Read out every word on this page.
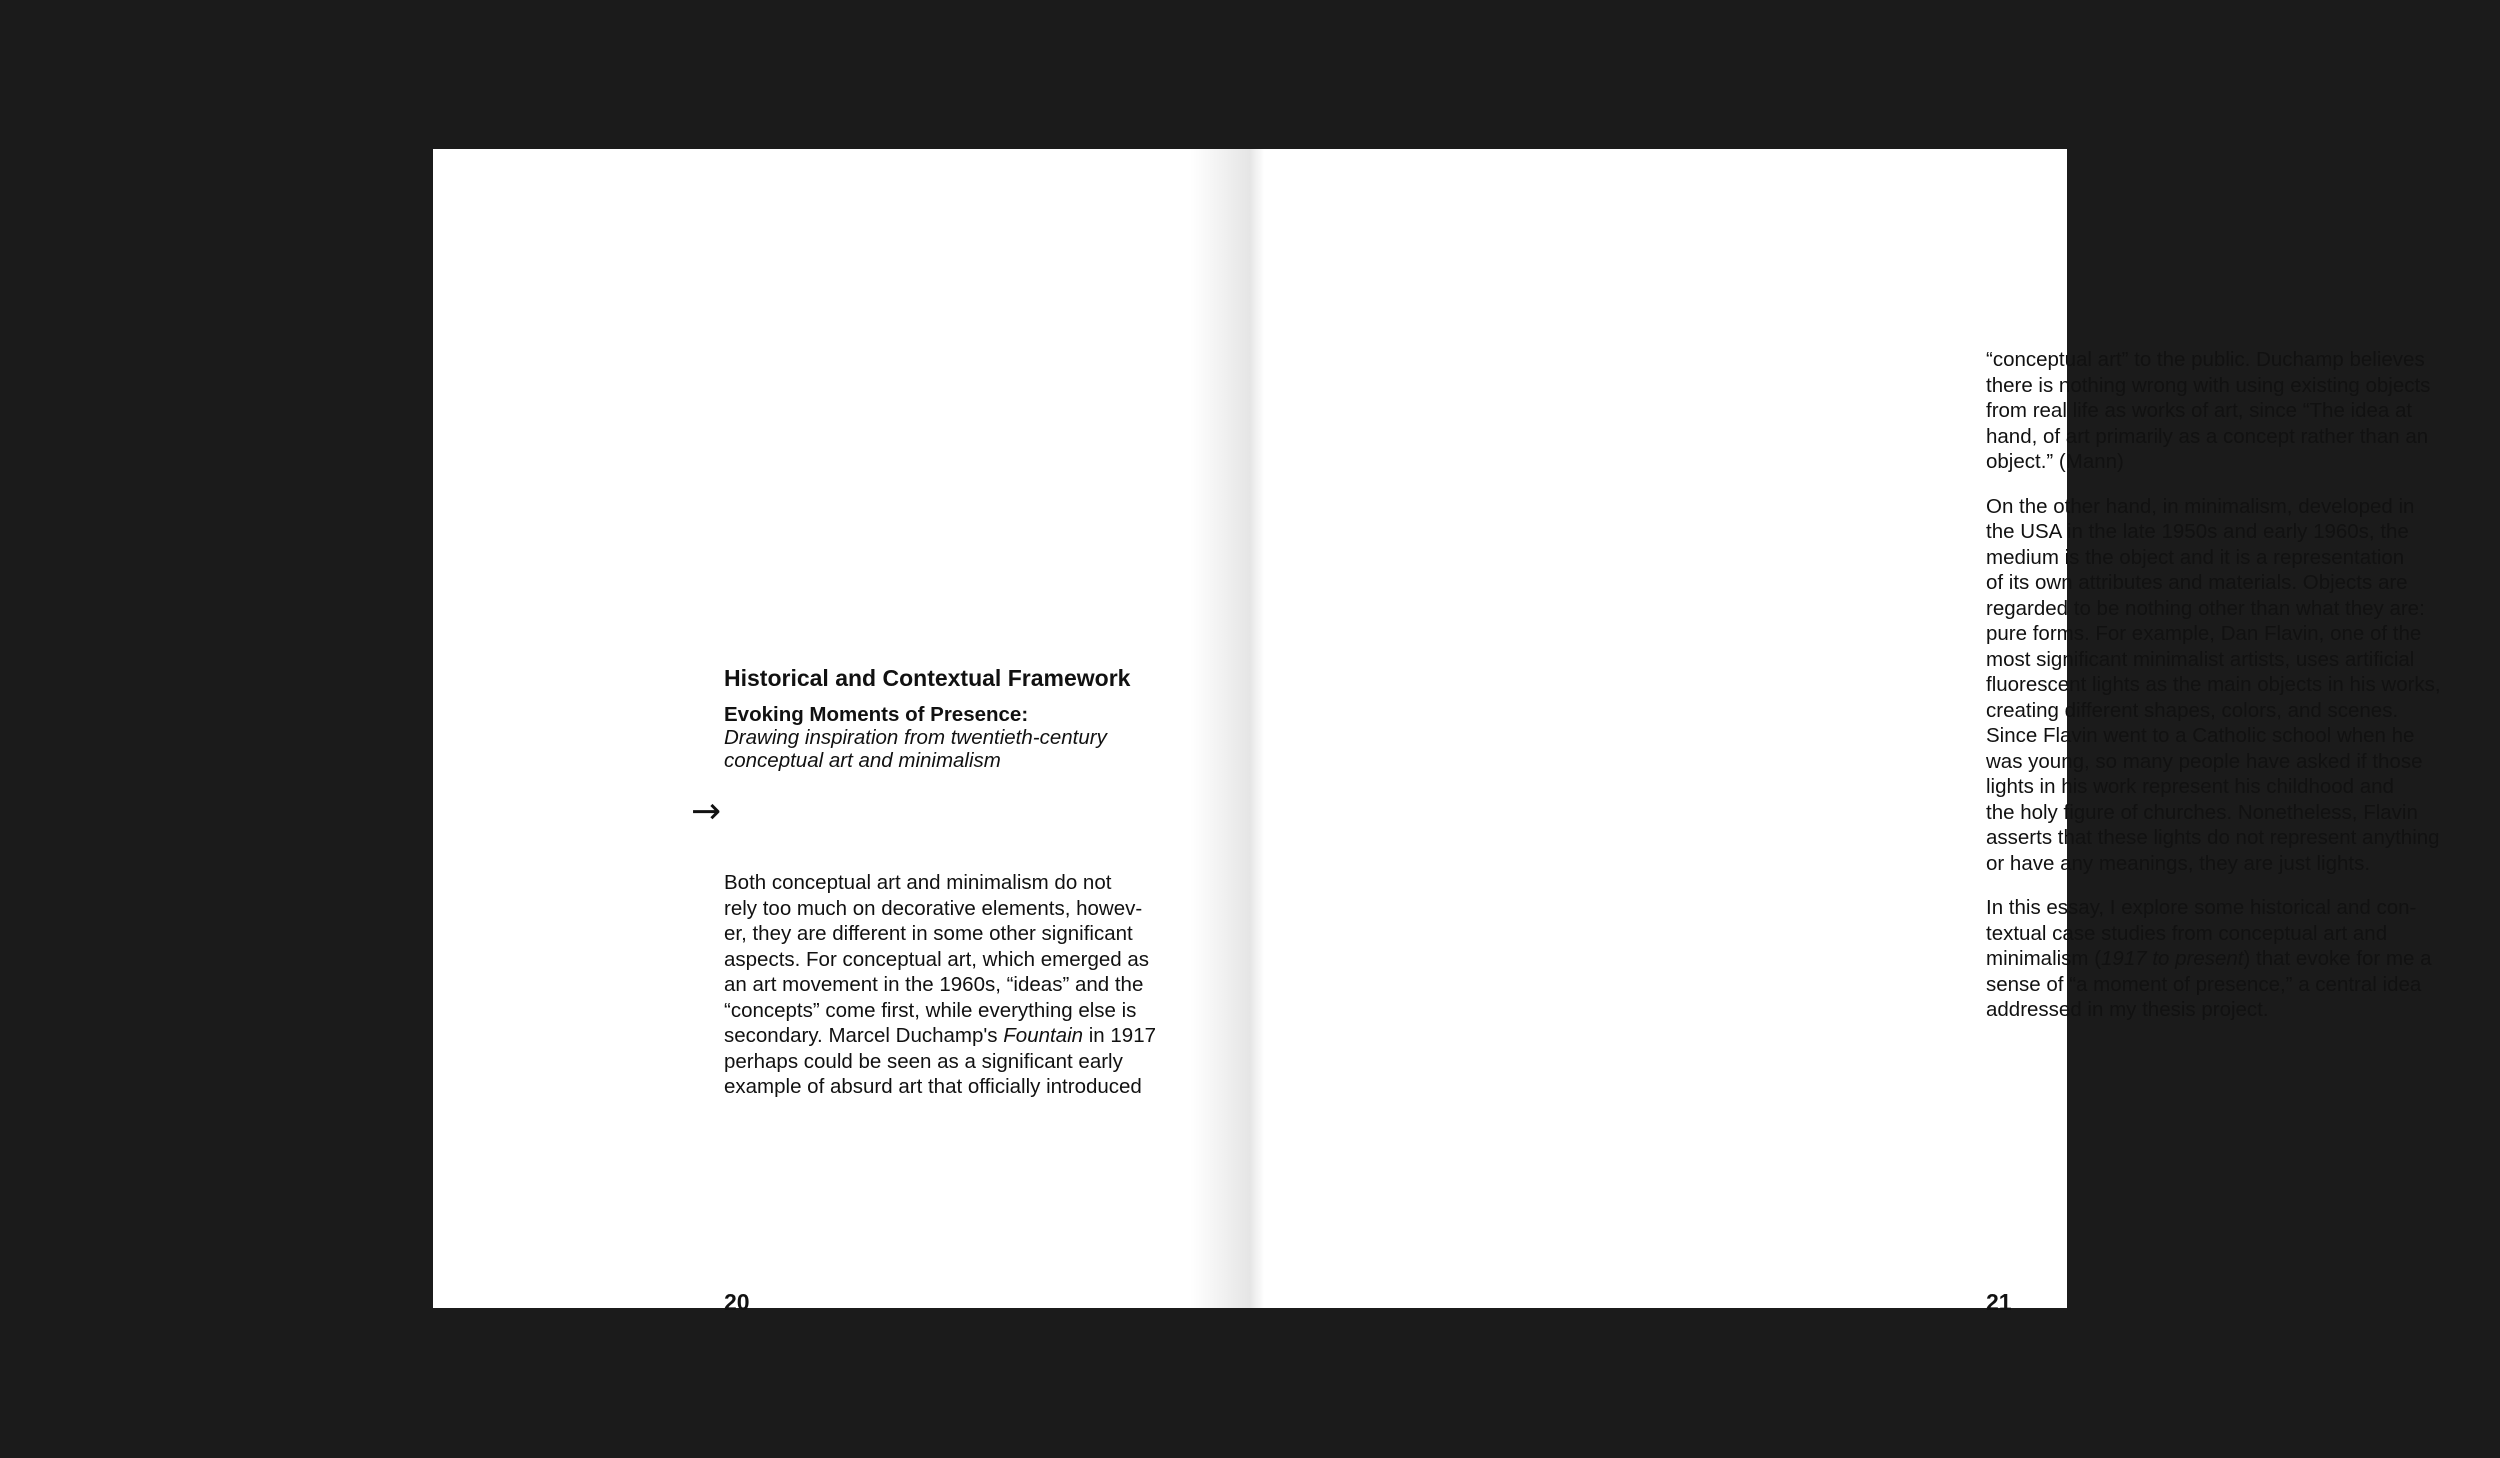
Historical and Contextual Framework
Evoking Moments of Presence:
Drawing inspiration from twentieth-century
conceptual art and minimalism
→
Both conceptual art and minimalism do not
rely too much on decorative elements, howev-
er, they are different in some other significant
aspects. For conceptual art, which emerged as
an art movement in the 1960s, “ideas” and the
“concepts” come first, while everything else is
secondary. Marcel Duchamp's Fountain in 1917
perhaps could be seen as a significant early
example of absurd art that officially introduced
20

“conceptual art” to the public. Duchamp believes
there is nothing wrong with using existing objects
from real life as works of art, since “The idea at
hand, of art primarily as a concept rather than an
object.” (Mann)

On the other hand, in minimalism, developed in
the USA in the late 1950s and early 1960s, the
medium is the object and it is a representation
of its own attributes and materials. Objects are
regarded to be nothing other than what they are:
pure forms. For example, Dan Flavin, one of the
most significant minimalist artists, uses artificial
fluorescent lights as the main objects in his works,
creating different shapes, colors, and scenes.
Since Flavin went to a Catholic school when he
was young, so many people have asked if those
lights in his work represent his childhood and
the holy figure of churches. Nonetheless, Flavin
asserts that these lights do not represent anything
or have any meanings, they are just lights.

In this essay, I explore some historical and con-
textual case studies from conceptual art and
minimalism (1917 to present) that evoke for me a
sense of “a moment of presence,” a central idea
addressed in my thesis project.

21
